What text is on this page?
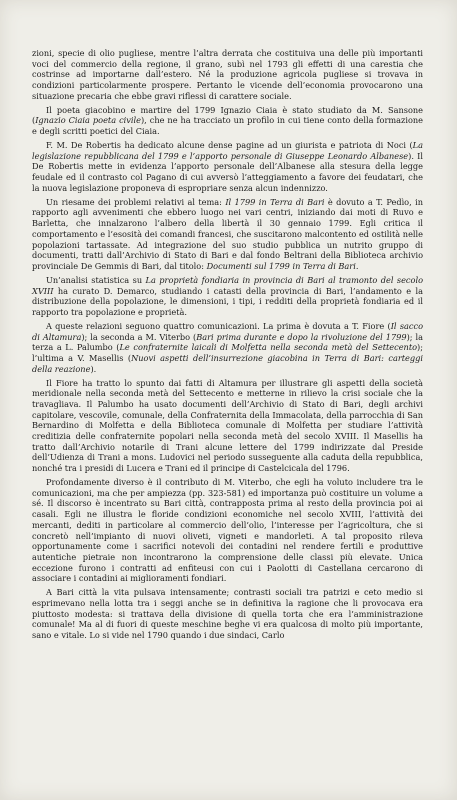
zioni, specie di olio pugliese, mentre l’altra derrata che costituiva una delle più importanti voci del commercio della regione, il grano, subì nel 1793 gli effetti di una carestia che costrinse ad importarne dall’estero. Né la produzione agricola pugliese si trovava in condizioni particolarmente prospere. Pertanto le vicende dell’economia provocarono una situazione precaria che ebbe gravi riflessi di carattere sociale.

Il poeta giacobino e martire del 1799 Ignazio Ciaia è stato studiato da M. Sansone (Ignazio Ciaia poeta civile), che ne ha tracciato un profilo in cui tiene conto della formazione e degli scritti poetici del Ciaia.

F. M. De Robertis ha dedicato alcune dense pagine ad un giurista e patriota di Noci (La legislazione repubblicana del 1799 e l’apporto personale di Giuseppe Leonardo Albanese). Il De Robertis mette in evidenza l’apporto personale dell’Albanese alla stesura della legge feudale ed il contrasto col Pagano di cui avversò l’atteggiamento a favore dei feudatari, che la nuova legislazione proponeva di espropriare senza alcun indennizzo.

Un riesame dei problemi relativi al tema: Il 1799 in Terra di Bari è dovuto a T. Pedìo, in rapporto agli avvenimenti che ebbero luogo nei vari centri, iniziando dai moti di Ruvo e Barletta, che innalzarono l’albero della libertà il 30 gennaio 1799. Egli critica il comportamento e l’esosità dei comandi francesi, che suscitarono malcontento ed ostilità nelle popolazioni tartassate. Ad integrazione del suo studio pubblica un nutrito gruppo di documenti, tratti dall’Archivio di Stato di Bari e dal fondo Beltrani della Biblioteca archivio provinciale De Gemmis di Bari, dal titolo: Documenti sul 1799 in Terra di Bari.

Un’analisi statistica su La proprietà fondiaria in provincia di Bari al tramonto del secolo XVIII ha curato D. Demarco, studiando i catasti della provincia di Bari, l’andamento e la distribuzione della popolazione, le dimensioni, i tipi, i redditi della proprietà fondiaria ed il rapporto tra popolazione e proprietà.

A queste relazioni seguono quattro comunicazioni. La prima è dovuta a T. Fiore (Il sacco di Altamura); la seconda a M. Viterbo (Bari prima durante e dopo la rivoluzione del 1799); la terza a L. Palumbo (Le confraternite laicali di Molfetta nella seconda metà del Settecento); l’ultima a V. Masellis (Nuovi aspetti dell’insurrezione giacobina in Terra di Bari: carteggi della reazione).

Il Fiore ha tratto lo spunto dai fatti di Altamura per illustrare gli aspetti della società meridionale nella seconda metà del Settecento e metterne in rilievo la crisi sociale che la travagliava. Il Palumbo ha usato documenti dell’Archivio di Stato di Bari, degli archivi capitolare, vescovile, comunale, della Confraternita della Immacolata, della parrocchia di San Bernardino di Molfetta e della Biblioteca comunale di Molfetta per studiare l’attività creditizia delle confraternite popolari nella seconda metà del secolo XVIII. Il Masellis ha tratto dall’Archivio notarile di Trani alcune lettere del 1799 indirizzate dal Preside dell’Udienza di Trani a mons. Ludovici nel periodo susseguente alla caduta della repubblica, nonché tra i presidi di Lucera e Trani ed il principe di Castelcicala del 1796.

Profondamente diverso è il contributo di M. Viterbo, che egli ha voluto includere tra le comunicazioni, ma che per ampiezza (pp. 323-581) ed importanza può costituire un volume a sé. Il discorso è incentrato su Bari città, contrapposta prima al resto della provincia poi ai casali. Egli ne illustra le floride condizioni economiche nel secolo XVIII, l’attività dei mercanti, dediti in particolare al commercio dell’olio, l’interesse per l’agricoltura, che si concretò nell’impianto di nuovi oliveti, vigneti e mandorleti. A tal proposito rileva opportunamente come i sacrifici notevoli dei contadini nel rendere fertili e produttive autentiche pietraie non incontrarono la comprensione delle classi più elevate. Unica eccezione furono i contratti ad enfiteusi con cui i Paolotti di Castellana cercarono di associare i contadini ai miglioramenti fondiari.

A Bari città la vita pulsava intensamente; contrasti sociali tra patrizi e ceto medio si esprimevano nella lotta tra i seggi anche se in definitiva la ragione che li provocava era piuttosto modesta: si trattava della divisione di quella torta che era l’amministrazione comunale! Ma al di fuori di queste meschine beghe vi era qualcosa di molto più importante, sano e vitale. Lo si vide nel 1790 quando i due sindaci, Carlo
